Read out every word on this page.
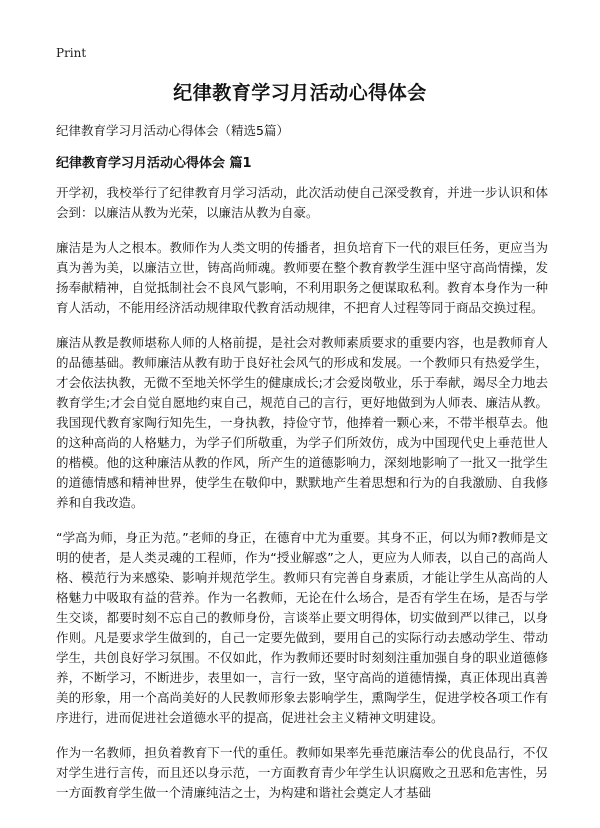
Print
纪律教育学习月活动心得体会
纪律教育学习月活动心得体会（精选5篇）
纪律教育学习月活动心得体会 篇1

开学初，我校举行了纪律教育月学习活动，此次活动使自己深受教育，并进一步认识和体会到：以廉洁从教为光荣，以廉洁从教为自豪。

廉洁是为人之根本。教师作为人类文明的传播者，担负培育下一代的艰巨任务，更应当为真为善为美，以廉洁立世，铸高尚师魂。教师要在整个教育教学生涯中坚守高尚情操，发扬奉献精神，自觉抵制社会不良风气影响，不利用职务之便谋取私利。教育本身作为一种育人活动，不能用经济活动规律取代教育活动规律，不把育人过程等同于商品交换过程。

廉洁从教是教师堪称人师的人格前提，是社会对教师素质要求的重要内容，也是教师育人的品德基础。教师廉洁从教有助于良好社会风气的形成和发展。一个教师只有热爱学生，才会依法执教，无微不至地关怀学生的健康成长;才会爱岗敬业，乐于奉献，竭尽全力地去教育学生;才会自觉自愿地约束自己，规范自己的言行，更好地做到为人师表、廉洁从教。我国现代教育家陶行知先生，一身执教，持俭守节，他捧着一颗心来，不带半根草去。他的这种高尚的人格魅力，为学子们所敬重，为学子们所效仿，成为中国现代史上垂范世人的楷模。他的这种廉洁从教的作风，所产生的道德影响力，深刻地影响了一批又一批学生的道德情感和精神世界，使学生在敬仰中，默默地产生着思想和行为的自我激励、自我修养和自我改造。

“学高为师，身正为范。”老师的身正，在德育中尤为重要。其身不正，何以为师?教师是文明的使者，是人类灵魂的工程师，作为“授业解惑”之人，更应为人师表，以自己的高尚人格、模范行为来感染、影响并规范学生。教师只有完善自身素质，才能让学生从高尚的人格魅力中吸取有益的营养。作为一名教师，无论在什么场合，是否有学生在场，是否与学生交谈，都要时刻不忘自己的教师身份，言谈举止要文明得体，切实做到严以律己，以身作则。凡是要求学生做到的，自己一定要先做到，要用自己的实际行动去感动学生、带动学生，共创良好学习氛围。不仅如此，作为教师还要时时刻刻注重加强自身的职业道德修养，不断学习，不断进步，表里如一，言行一致，坚守高尚的道德情操，真正体现出真善美的形象，用一个高尚美好的人民教师形象去影响学生，熏陶学生，促进学校各项工作有序进行，进而促进社会道德水平的提高，促进社会主义精神文明建设。

作为一名教师，担负着教育下一代的重任。教师如果率先垂范廉洁奉公的优良品行，不仅对学生进行言传，而且还以身示范，一方面教育青少年学生认识腐败之丑恶和危害性，另一方面教育学生做一个清廉纯洁之士，为构建和谐社会奠定人才基础
